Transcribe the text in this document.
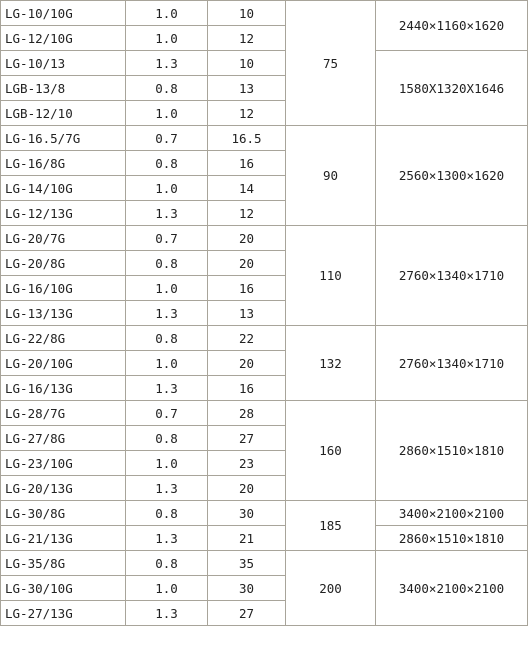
LG-10/10G	1.0	10	75	2440×1160×1620
LG-12/10G	1.0	12		
LG-10/13	1.3	10		1580X1320X1646
LGB-13/8	0.8	13		
LGB-12/10	1.0	12		
LG-16.5/7G	0.7	16.5	90	2560×1300×1620
LG-16/8G	0.8	16		
LG-14/10G	1.0	14		
LG-12/13G	1.3	12		
LG-20/7G	0.7	20	110	2760×1340×1710
LG-20/8G	0.8	20		
LG-16/10G	1.0	16		
LG-13/13G	1.3	13		
LG-22/8G	0.8	22	132	2760×1340×1710
LG-20/10G	1.0	20		
LG-16/13G	1.3	16		
LG-28/7G	0.7	28	160	2860×1510×1810
LG-27/8G	0.8	27		
LG-23/10G	1.0	23		
LG-20/13G	1.3	20		
LG-30/8G	0.8	30	185	3400×2100×2100
LG-21/13G	1.3	21		2860×1510×1810
LG-35/8G	0.8	35	200	3400×2100×2100
LG-30/10G	1.0	30		
LG-27/13G	1.3	27		
